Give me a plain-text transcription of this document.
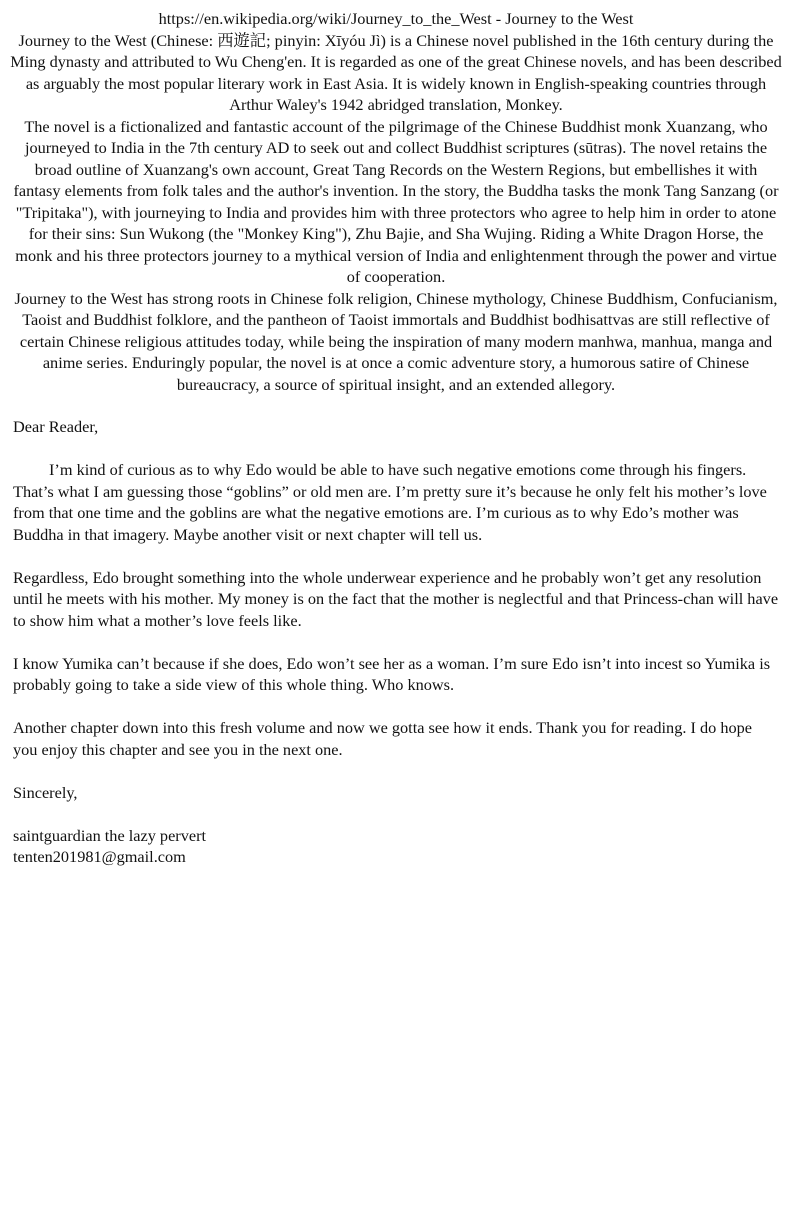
https://en.wikipedia.org/wiki/Journey_to_the_West - Journey to the West

Journey to the West (Chinese: 西遊記; pinyin: Xīyóu Jì) is a Chinese novel published in the 16th century during the Ming dynasty and attributed to Wu Cheng'en. It is regarded as one of the great Chinese novels, and has been described as arguably the most popular literary work in East Asia. It is widely known in English-speaking countries through Arthur Waley's 1942 abridged translation, Monkey.

The novel is a fictionalized and fantastic account of the pilgrimage of the Chinese Buddhist monk Xuanzang, who journeyed to India in the 7th century AD to seek out and collect Buddhist scriptures (sūtras). The novel retains the broad outline of Xuanzang's own account, Great Tang Records on the Western Regions, but embellishes it with fantasy elements from folk tales and the author's invention. In the story, the Buddha tasks the monk Tang Sanzang (or "Tripitaka"), with journeying to India and provides him with three protectors who agree to help him in order to atone for their sins: Sun Wukong (the "Monkey King"), Zhu Bajie, and Sha Wujing. Riding a White Dragon Horse, the monk and his three protectors journey to a mythical version of India and enlightenment through the power and virtue of cooperation.

Journey to the West has strong roots in Chinese folk religion, Chinese mythology, Chinese Buddhism, Confucianism, Taoist and Buddhist folklore, and the pantheon of Taoist immortals and Buddhist bodhisattvas are still reflective of certain Chinese religious attitudes today, while being the inspiration of many modern manhwa, manhua, manga and anime series. Enduringly popular, the novel is at once a comic adventure story, a humorous satire of Chinese bureaucracy, a source of spiritual insight, and an extended allegory.

Dear Reader,

I’m kind of curious as to why Edo would be able to have such negative emotions come through his fingers. That’s what I am guessing those “goblins” or old men are. I’m pretty sure it’s because he only felt his mother’s love from that one time and the goblins are what the negative emotions are. I’m curious as to why Edo’s mother was Buddha in that imagery. Maybe another visit or next chapter will tell us.

Regardless, Edo brought something into the whole underwear experience and he probably won’t get any resolution until he meets with his mother. My money is on the fact that the mother is neglectful and that Princess-chan will have to show him what a mother’s love feels like.

I know Yumika can’t because if she does, Edo won’t see her as a woman. I’m sure Edo isn’t into incest so Yumika is probably going to take a side view of this whole thing. Who knows.

Another chapter down into this fresh volume and now we gotta see how it ends. Thank you for reading. I do hope you enjoy this chapter and see you in the next one.

Sincerely,

saintguardian the lazy pervert

tenten201981@gmail.com
